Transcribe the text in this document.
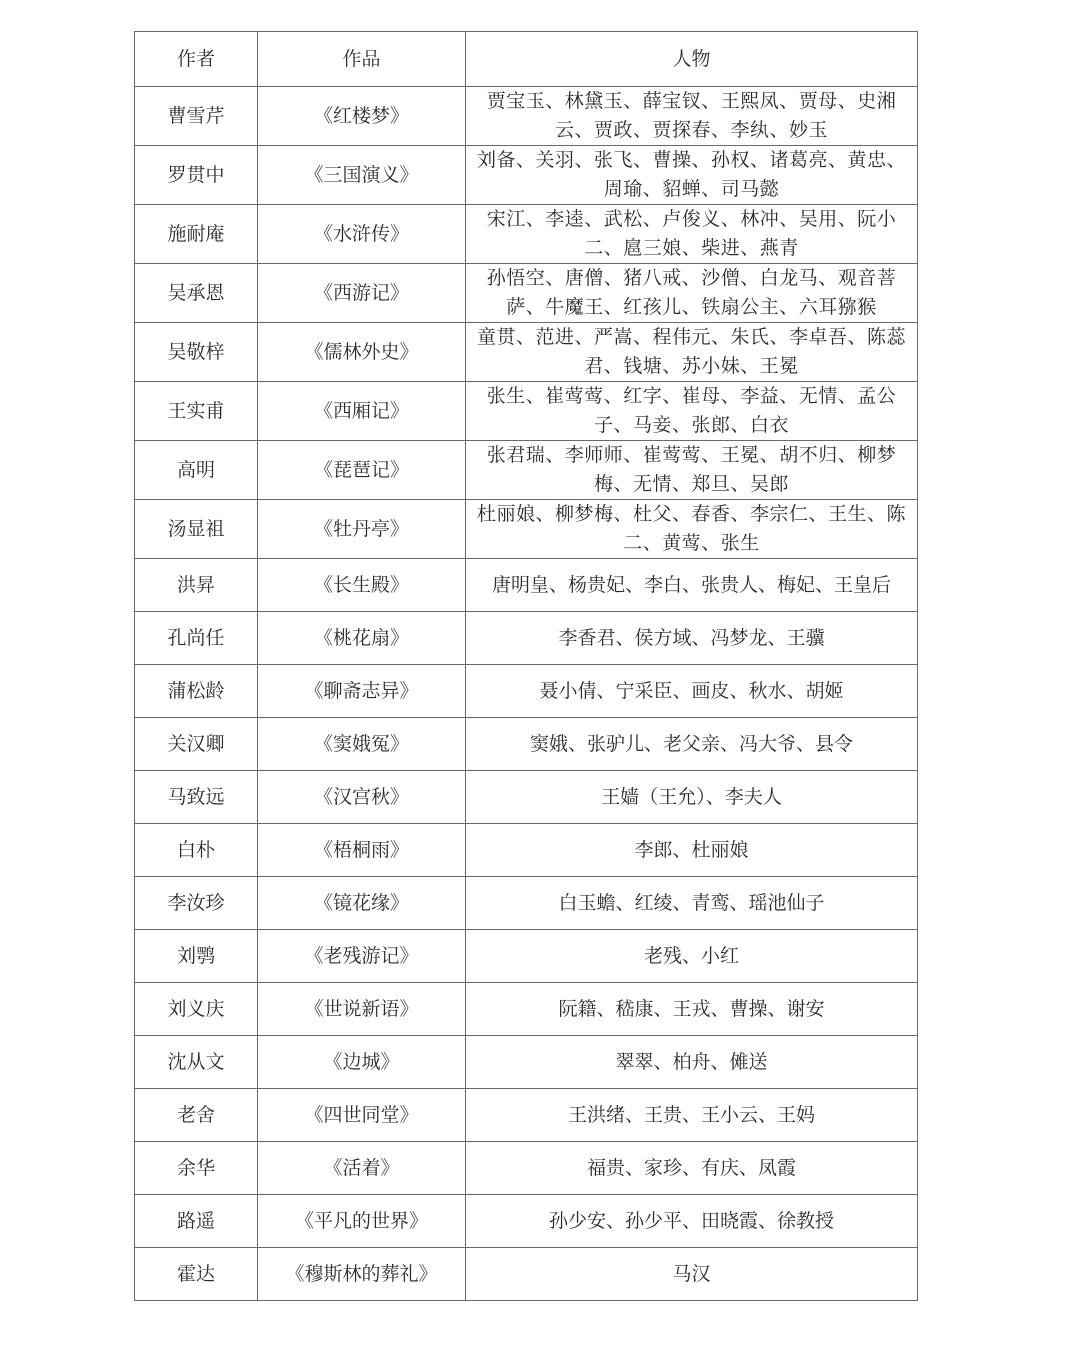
作者	作品	人物
曹雪芹	《红楼梦》	贾宝玉、林黛玉、薛宝钗、王熙凤、贾母、史湘云、贾政、贾探春、李纨、妙玉
罗贯中	《三国演义》	刘备、关羽、张飞、曹操、孙权、诸葛亮、黄忠、周瑜、貂蝉、司马懿
施耐庵	《水浒传》	宋江、李逵、武松、卢俊义、林冲、吴用、阮小二、扈三娘、柴进、燕青
吴承恩	《西游记》	孙悟空、唐僧、猪八戒、沙僧、白龙马、观音菩萨、牛魔王、红孩儿、铁扇公主、六耳猕猴
吴敬梓	《儒林外史》	童贯、范进、严嵩、程伟元、朱氏、李卓吾、陈蕊君、钱塘、苏小妹、王冕
王实甫	《西厢记》	张生、崔莺莺、红字、崔母、李益、无情、孟公子、马妾、张郎、白衣
高明	《琵琶记》	张君瑞、李师师、崔莺莺、王冕、胡不归、柳梦梅、无情、郑旦、吴郎
汤显祖	《牡丹亭》	杜丽娘、柳梦梅、杜父、春香、李宗仁、王生、陈二、黄莺、张生
洪昇	《长生殿》	唐明皇、杨贵妃、李白、张贵人、梅妃、王皇后
孔尚任	《桃花扇》	李香君、侯方域、冯梦龙、王骥
蒲松龄	《聊斋志异》	聂小倩、宁采臣、画皮、秋水、胡姬
关汉卿	《窦娥冤》	窦娥、张驴儿、老父亲、冯大爷、县令
马致远	《汉宫秋》	王嫱（王允）、李夫人
白朴	《梧桐雨》	李郎、杜丽娘
李汝珍	《镜花缘》	白玉蟾、红绫、青鸾、瑶池仙子
刘鹗	《老残游记》	老残、小红
刘义庆	《世说新语》	阮籍、嵇康、王戎、曹操、谢安
沈从文	《边城》	翠翠、柏舟、傩送
老舍	《四世同堂》	王洪绪、王贵、王小云、王妈
余华	《活着》	福贵、家珍、有庆、凤霞
路遥	《平凡的世界》	孙少安、孙少平、田晓霞、徐教授
霍达	《穆斯林的葬礼》	马汉
